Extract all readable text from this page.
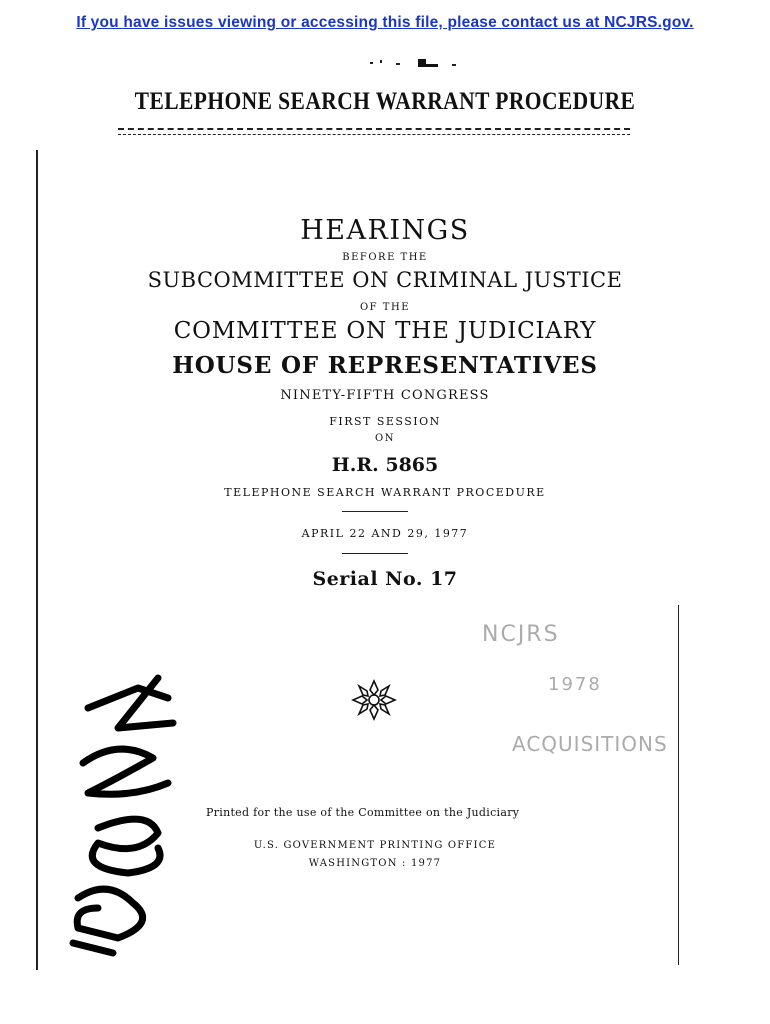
If you have issues viewing or accessing this file, please contact us at NCJRS.gov.
TELEPHONE SEARCH WARRANT PROCEDURE
HEARINGS
BEFORE THE
SUBCOMMITTEE ON CRIMINAL JUSTICE
OF THE
COMMITTEE ON THE JUDICIARY
HOUSE OF REPRESENTATIVES
NINETY-FIFTH CONGRESS
FIRST SESSION
ON
H.R. 5865
TELEPHONE SEARCH WARRANT PROCEDURE
APRIL 22 AND 29, 1977
Serial No. 17
NCJRS
1978
ACQUISITIONS
Printed for the use of the Committee on the Judiciary
U.S. GOVERNMENT PRINTING OFFICE
WASHINGTON : 1977
